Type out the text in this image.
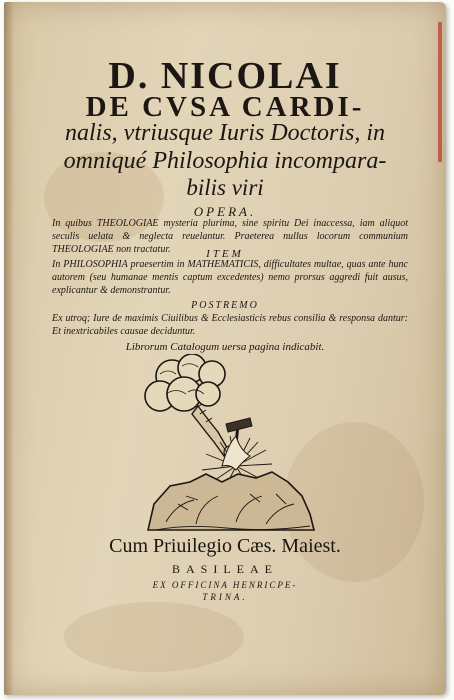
D. NICOLAI
DE CVSA CARDI-
nalis, vtriusque Iuris Doctoris, in
omniqué Philosophia incompara-
bilis viri
OPERA.
In quibus THEOLOGIAE mysteria plurima, sine spiritu Dei inaccessa, iam aliquot seculis uelata & neglecta reuelantur. Praeterea nullus locorum communium THEOLOGIAE non tractatur.	ITEM
In PHILOSOPHIA praesertim in MATHEMATICIS, difficultates multae, quas ante hunc autorem (seu humanae mentis captum excedentes) nemo prorsus aggredi fuit ausus, explicantur & demonstrantur.
POSTREMO
Ex utroq; Iure de maximis Ciuilibus & Ecclesiasticis rebus consilia & responsa dantur: Et inextricabiles causae deciduntur.
Librorum Catalogum uersa pagina indicabit.
Cum Priuilegio Cæs. Maiest.
BASILEAE
EX OFFICINA HENRICPE-
TRINA.
